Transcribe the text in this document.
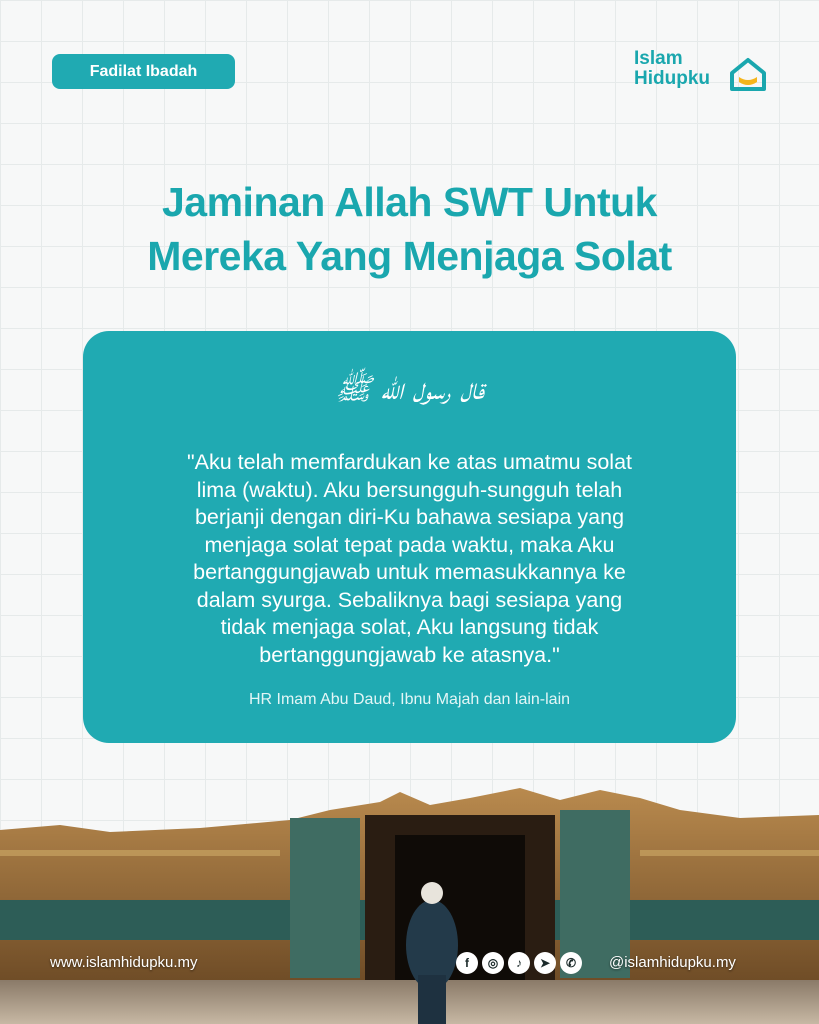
Fadilat Ibadah
Islam
Hidupku
Jaminan Allah SWT Untuk
Mereka Yang Menjaga Solat
قال رسول الله ﷺ
"Aku telah memfardukan ke atas umatmu solat
lima (waktu). Aku bersungguh-sungguh telah
berjanji dengan diri-Ku bahawa sesiapa yang
menjaga solat tepat pada waktu, maka Aku
bertanggungjawab untuk memasukkannya ke
dalam syurga. Sebaliknya bagi sesiapa yang
tidak menjaga solat, Aku langsung tidak
bertanggungjawab ke atasnya."
HR Imam Abu Daud, Ibnu Majah dan lain-lain
www.islamhidupku.my	f	◎	♪	➤	✆	@islamhidupku.my
